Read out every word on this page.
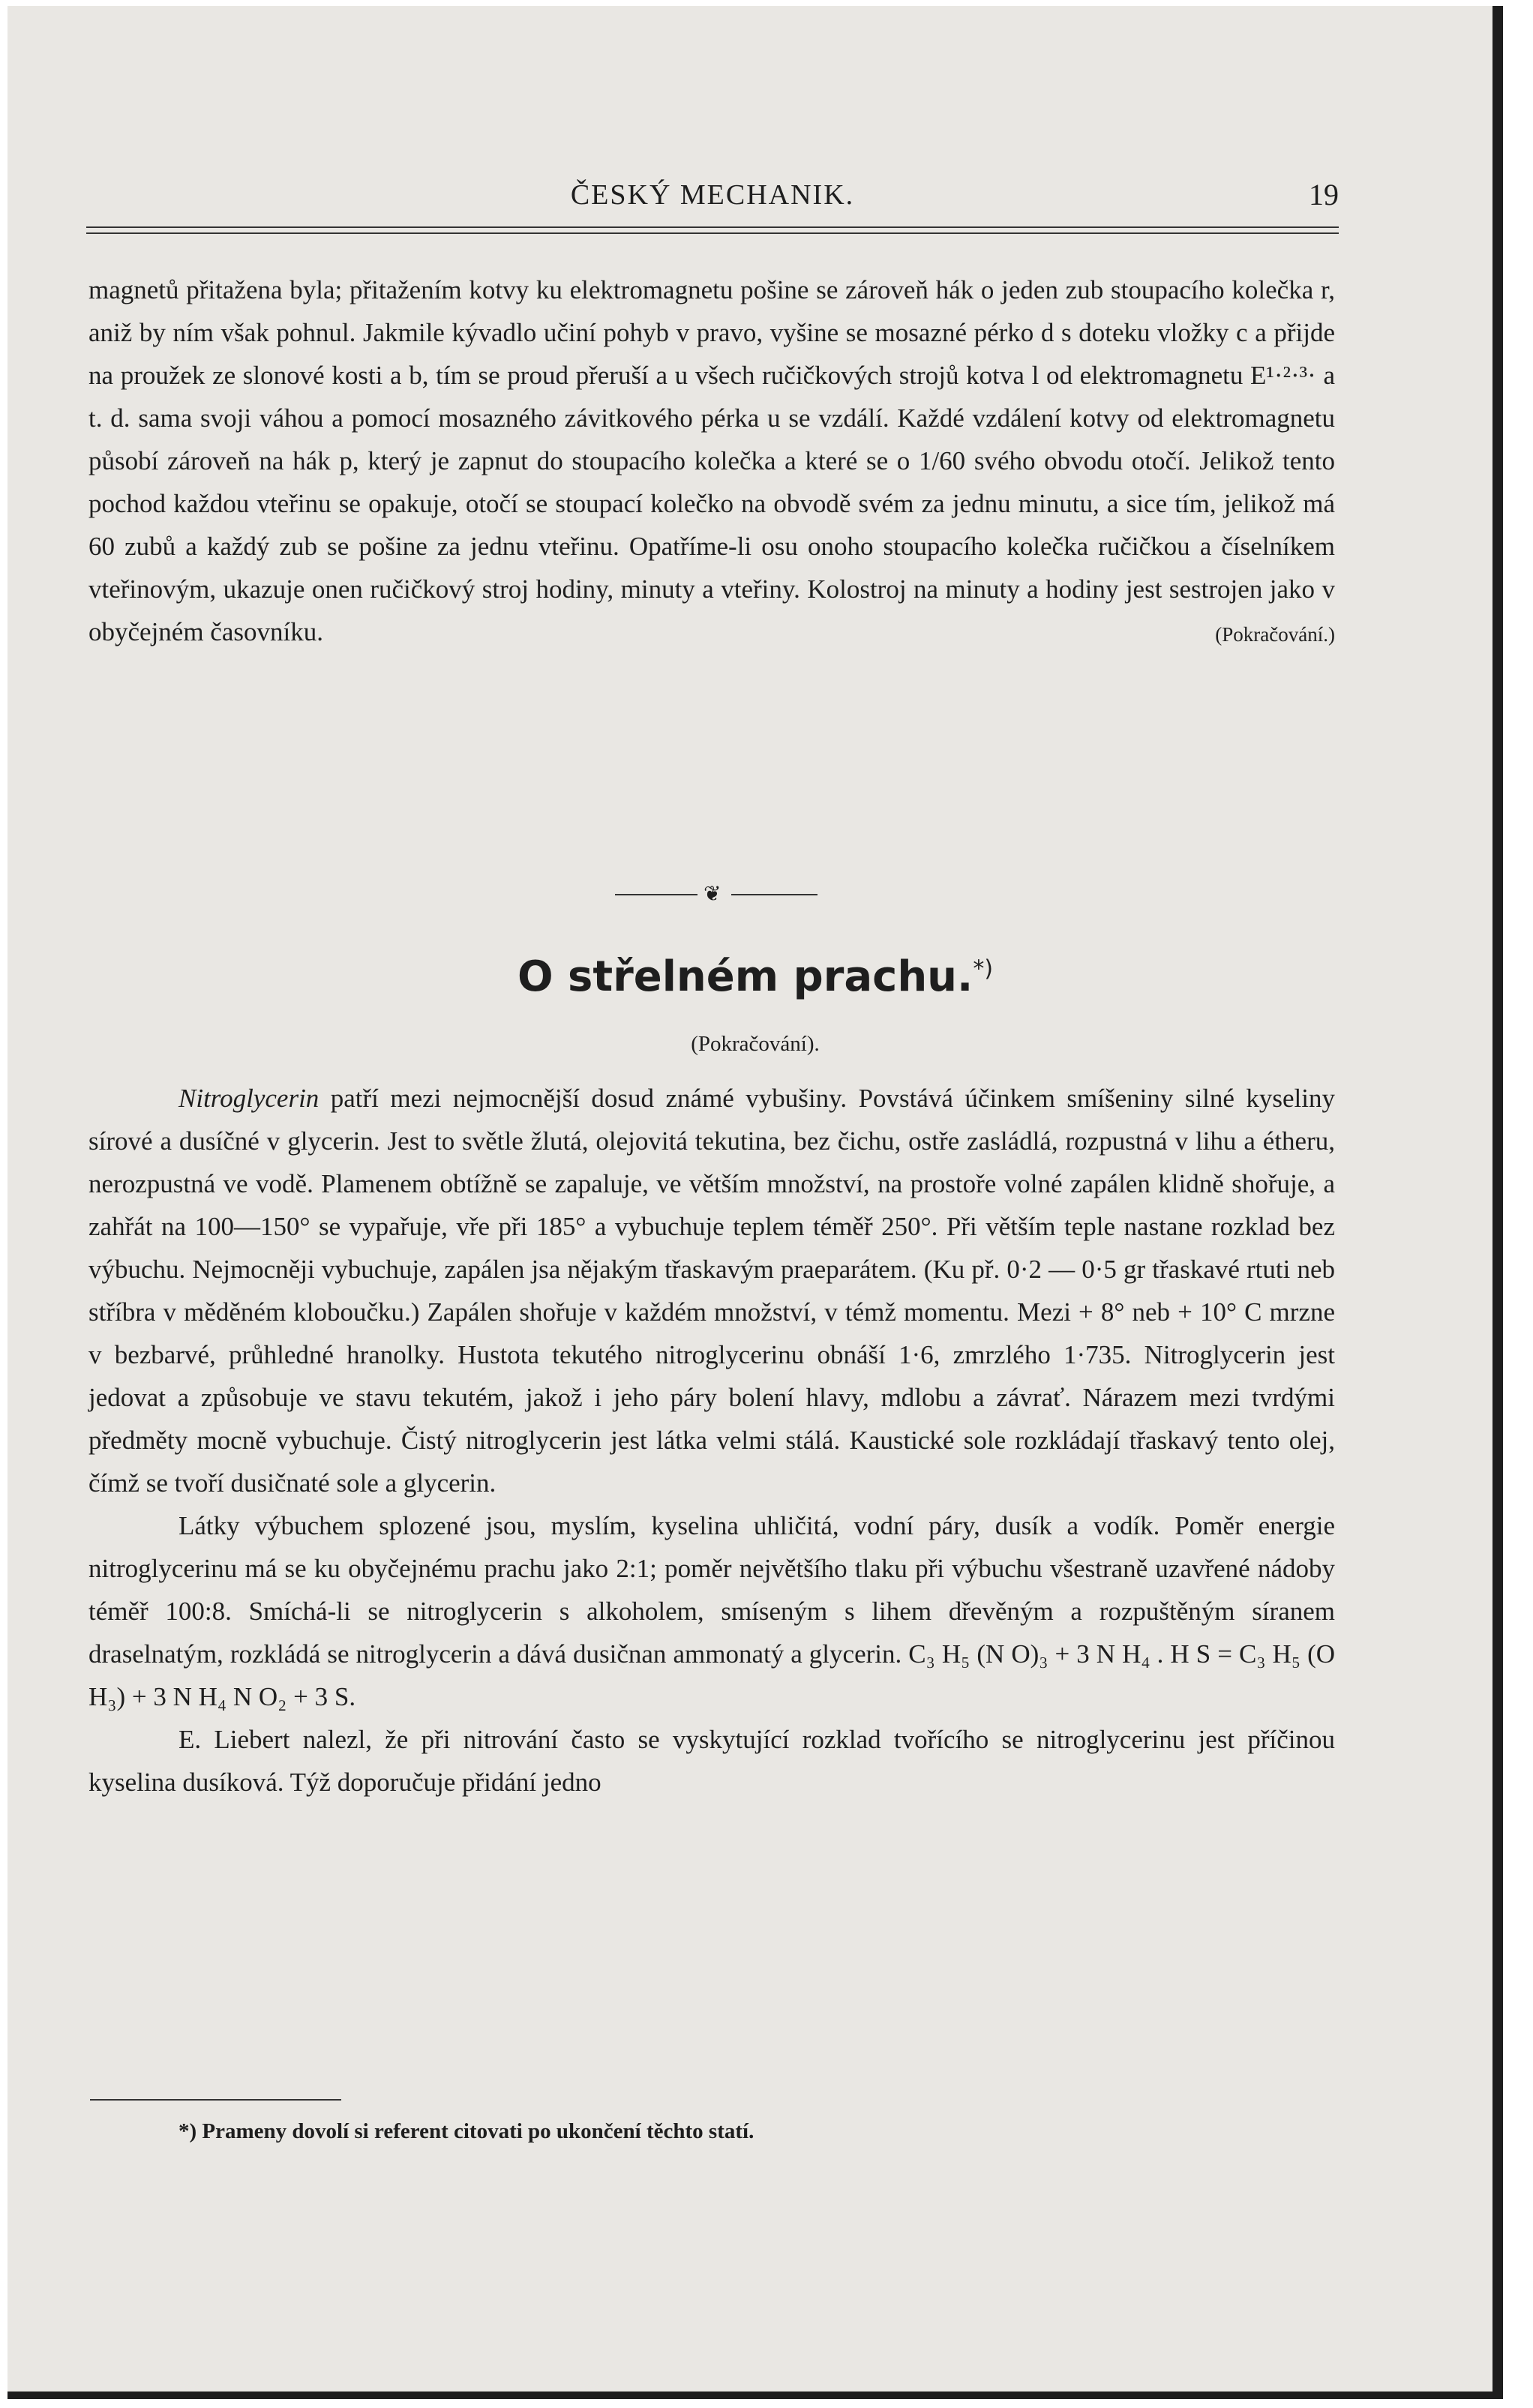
ČESKÝ MECHANIK.	19
magnetů přitažena byla; přitažením kotvy ku elektromagnetu pošine se zároveň hák o jeden zub stoupacího kolečka r, aniž by ním však pohnul. Jakmile kývadlo učiní pohyb v pravo, vyšine se mosazné pérko d s doteku vložky c a přijde na proužek ze slonové kosti a b, tím se proud přeruší a u všech ručičkových strojů kotva l od elektromagnetu E¹·²·³· a t. d. sama svoji váhou a pomocí mosazného závitkového pérka u se vzdálí. Každé vzdálení kotvy od elektromagnetu působí zároveň na hák p, který je zapnut do stoupacího kolečka a které se o 1/60 svého obvodu otočí. Jelikož tento pochod každou vteřinu se opakuje, otočí se stoupací kolečko na obvodě svém za jednu minutu, a sice tím, jelikož má 60 zubů a každý zub se pošine za jednu vteřinu. Opatříme-li osu onoho stoupacího kolečka ručičkou a číselníkem vteřinovým, ukazuje onen ručičkový stroj hodiny, minuty a vteřiny. Kolostroj na minuty a hodiny jest sestrojen jako v obyčejném časovníku.	(Pokračování.)
❦
O střelném prachu.*)
(Pokračování).

Nitroglycerin patří mezi nejmocnější dosud známé vybušiny. Povstává účinkem smíšeniny silné kyseliny sírové a dusíčné v glycerin. Jest to světle žlutá, olejovitá tekutina, bez čichu, ostře zasládlá, rozpustná v lihu a étheru, nerozpustná ve vodě. Plamenem obtížně se zapaluje, ve větším množství, na prostoře volné zapálen klidně shořuje, a zahřát na 100—150° se vypařuje, vře při 185° a vybuchuje teplem téměř 250°. Při větším teple nastane rozklad bez výbuchu. Nejmocněji vybuchuje, zapálen jsa nějakým třaskavým praeparátem. (Ku př. 0·2 — 0·5 gr třaskavé rtuti neb stříbra v měděném kloboučku.) Zapálen shořuje v každém množství, v témž momentu. Mezi + 8° neb + 10° C mrzne v bezbarvé, průhledné hranolky. Hustota tekutého nitroglycerinu obnáší 1·6, zmrzlého 1·735. Nitroglycerin jest jedovat a způsobuje ve stavu tekutém, jakož i jeho páry bolení hlavy, mdlobu a závrať. Nárazem mezi tvrdými předměty mocně vybuchuje. Čistý nitroglycerin jest látka velmi stálá. Kaustické sole rozkládají třaskavý tento olej, čímž se tvoří dusičnaté sole a glycerin.

Látky výbuchem splozené jsou, myslím, kyselina uhličitá, vodní páry, dusík a vodík. Poměr energie nitroglycerinu má se ku obyčejnému prachu jako 2:1; poměr největšího tlaku při výbuchu všestraně uzavřené nádoby téměř 100:8. Smíchá-li se nitroglycerin s alkoholem, smíseným s lihem dřevěným a rozpuštěným síranem draselnatým, rozkládá se nitroglycerin a dává dusičnan ammonatý a glycerin. C₃ H₅ (N O)₃ + 3 N H₄ . H S = C₃ H₅ (O H₃) + 3 N H₄ N O₂ + 3 S.

E. Liebert nalezl, že při nitrování často se vyskytující rozklad tvořícího se nitroglycerinu jest příčinou kyselina dusíková. Týž doporučuje přidání jedno

*) Prameny dovolí si referent citovati po ukončení těchto statí.
